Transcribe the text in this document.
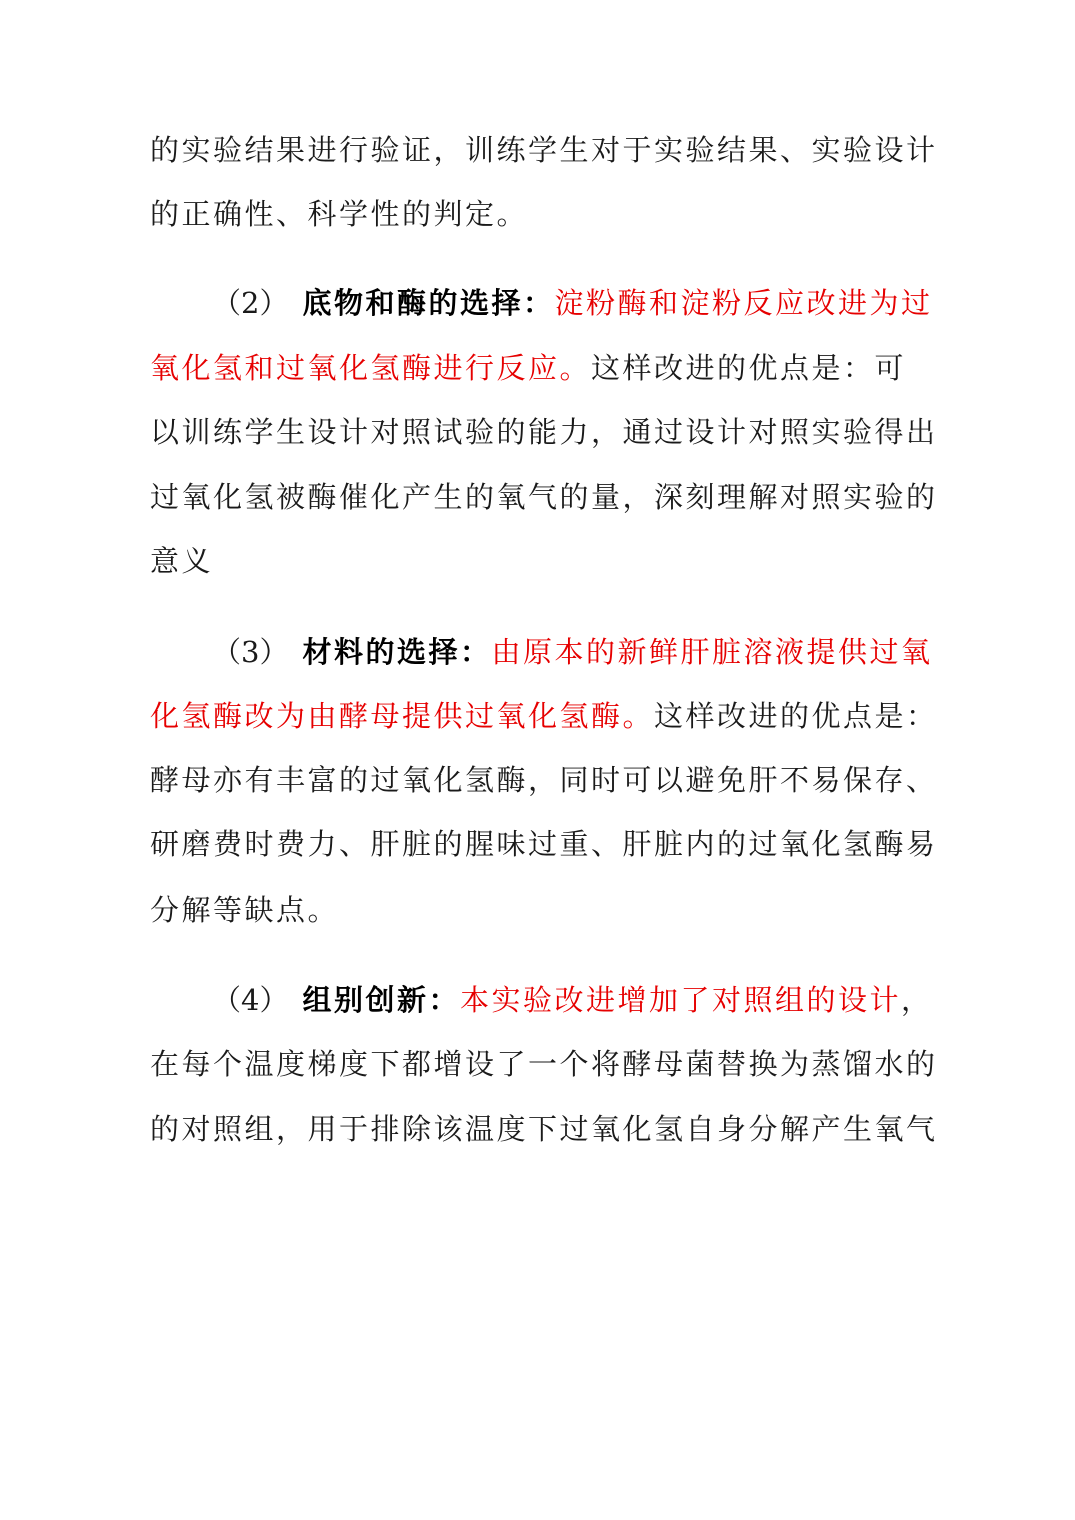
的实验结果进行验证，训练学生对于实验结果、实验设计
的正确性、科学性的判定。
（2） 底物和酶的选择：淀粉酶和淀粉反应改进为过
氧化氢和过氧化氢酶进行反应。这样改进的优点是：可
以训练学生设计对照试验的能力，通过设计对照实验得出
过氧化氢被酶催化产生的氧气的量，深刻理解对照实验的
意义
（3） 材料的选择：由原本的新鲜肝脏溶液提供过氧
化氢酶改为由酵母提供过氧化氢酶。这样改进的优点是：
酵母亦有丰富的过氧化氢酶，同时可以避免肝不易保存、
研磨费时费力、肝脏的腥味过重、肝脏内的过氧化氢酶易
分解等缺点。
（4） 组别创新：本实验改进增加了对照组的设计，
在每个温度梯度下都增设了一个将酵母菌替换为蒸馏水的
的对照组，用于排除该温度下过氧化氢自身分解产生氧气
